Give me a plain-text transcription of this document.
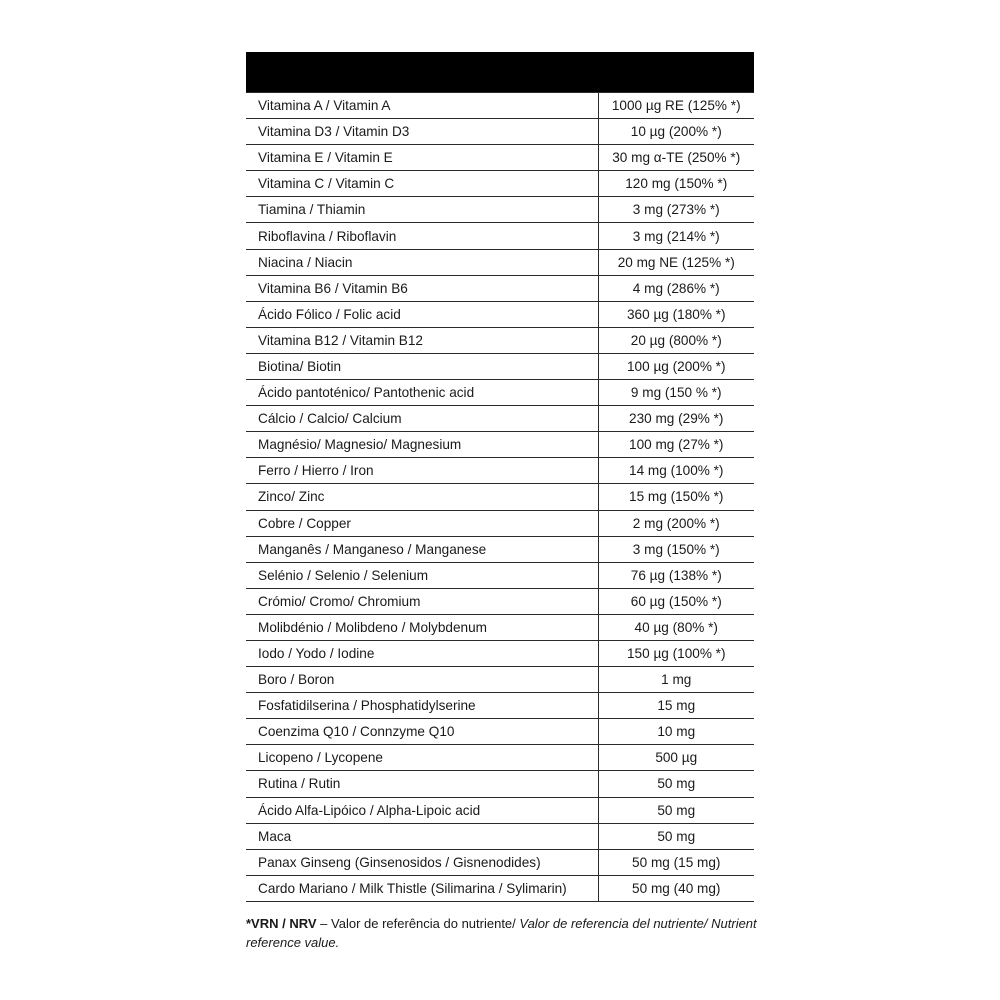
Vitamina A / Vitamin A	1000 µg RE (125% *)
Vitamina D3 / Vitamin D3	10 µg (200% *)
Vitamina E / Vitamin E	30 mg α-TE (250% *)
Vitamina C / Vitamin C	120 mg (150% *)
Tiamina / Thiamin	3 mg (273% *)
Riboflavina / Riboflavin	3 mg (214% *)
Niacina / Niacin	20 mg NE (125% *)
Vitamina B6 / Vitamin B6	4 mg (286% *)
Ácido Fólico / Folic acid	360 µg (180% *)
Vitamina B12 / Vitamin B12	20 µg (800% *)
Biotina/ Biotin	100 µg (200% *)
Ácido pantoténico/ Pantothenic acid	9 mg (150 % *)
Cálcio / Calcio/ Calcium	230 mg (29% *)
Magnésio/ Magnesio/ Magnesium	100 mg (27% *)
Ferro / Hierro / Iron	14 mg (100% *)
Zinco/ Zinc	15 mg (150% *)
Cobre / Copper	2 mg (200% *)
Manganês / Manganeso / Manganese	3 mg (150% *)
Selénio / Selenio / Selenium	76 µg (138% *)
Crómio/ Cromo/ Chromium	60 µg (150% *)
Molibdénio / Molibdeno / Molybdenum	40 µg (80% *)
Iodo / Yodo / Iodine	150 µg (100% *)
Boro / Boron	1 mg
Fosfatidilserina / Phosphatidylserine	15 mg
Coenzima Q10 / Connzyme Q10	10 mg
Licopeno / Lycopene	500 µg
Rutina / Rutin	50 mg
Ácido Alfa-Lipóico / Alpha-Lipoic acid	50 mg
Maca	50 mg
Panax Ginseng (Ginsenosidos / Gisnenodides)	50 mg (15 mg)
Cardo Mariano / Milk Thistle (Silimarina / Sylimarin)	50 mg (40 mg)
*VRN / NRV – Valor de referência do nutriente/ Valor de referencia del nutriente/ Nutrient reference value.
